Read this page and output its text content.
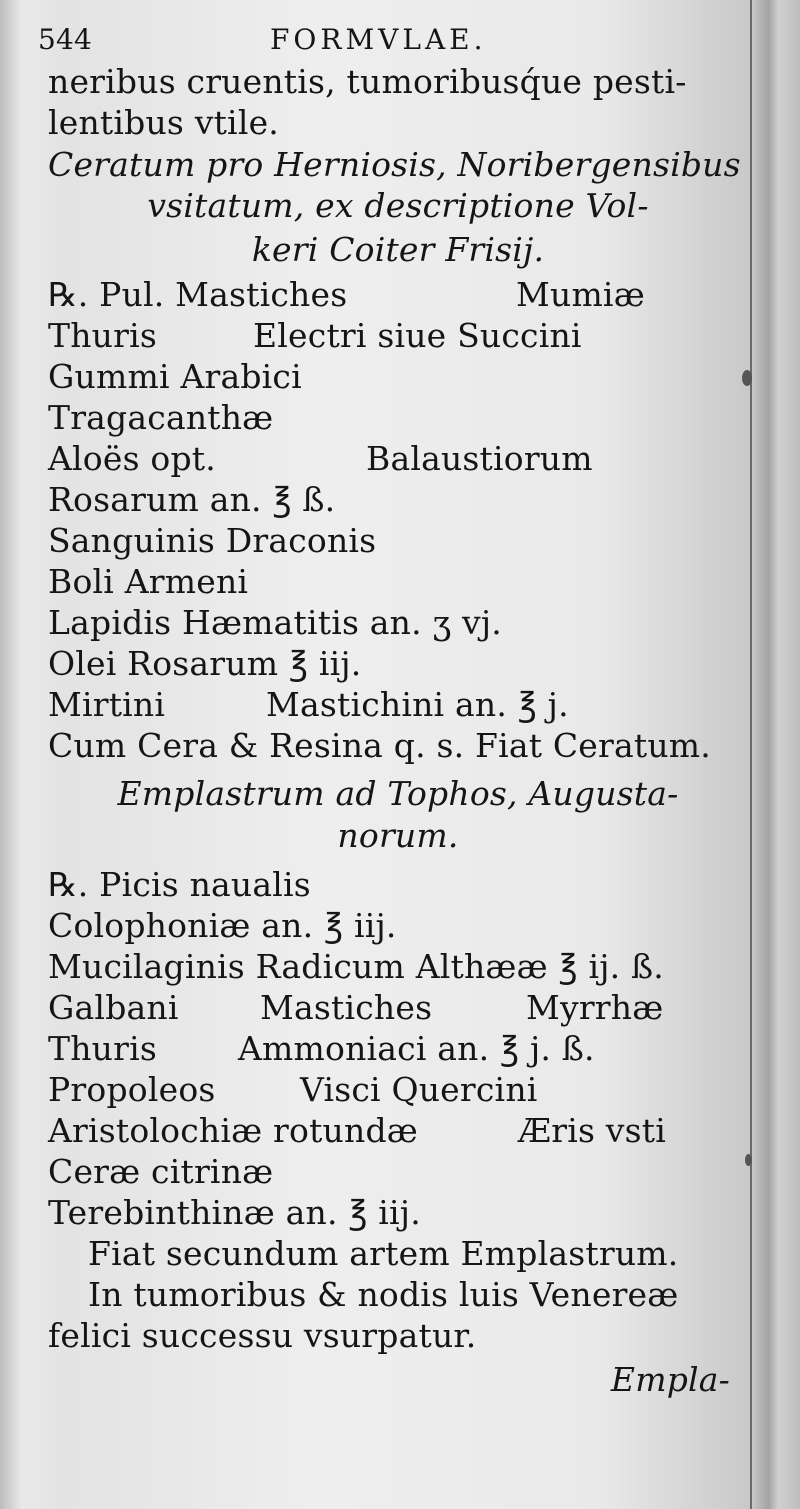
544	FORMVLAE.
neribus cruentis, tumoribusq́ue pesti-
lentibus vtile.
Ceratum pro Herniosis, Noribergensibus
vsitatum, ex descriptione Vol-
keri Coiter Frisij.
℞. Pul. Mastiches	Mumiæ
Thuris	Electri siue Succini
Gummi Arabici
Tragacanthæ
Aloës opt.	Balaustiorum
Rosarum an. ℥ ß.
Sanguinis Draconis
Boli Armeni
Lapidis Hæmatitis an. ʒ vj.
Olei Rosarum ℥ iij.
Mirtini	Mastichini an. ℥ j.
Cum Cera & Resina q. s. Fiat Ceratum.
Emplastrum ad Tophos, Augusta-
norum.
℞. Picis naualis
Colophoniæ an. ℥ iij.
Mucilaginis Radicum Althææ ℥ ij. ß.
Galbani Mastiches	Myrrhæ
Thuris Ammoniaci an. ℥ j. ß.
Propoleos	Visci Quercini
Aristolochiæ rotundæ	Æris vsti
Ceræ citrinæ
Terebinthinæ an. ℥ iij.
Fiat secundum artem Emplastrum.
In tumoribus & nodis luis Venereæ
felici successu vsurpatur.
Empla-
